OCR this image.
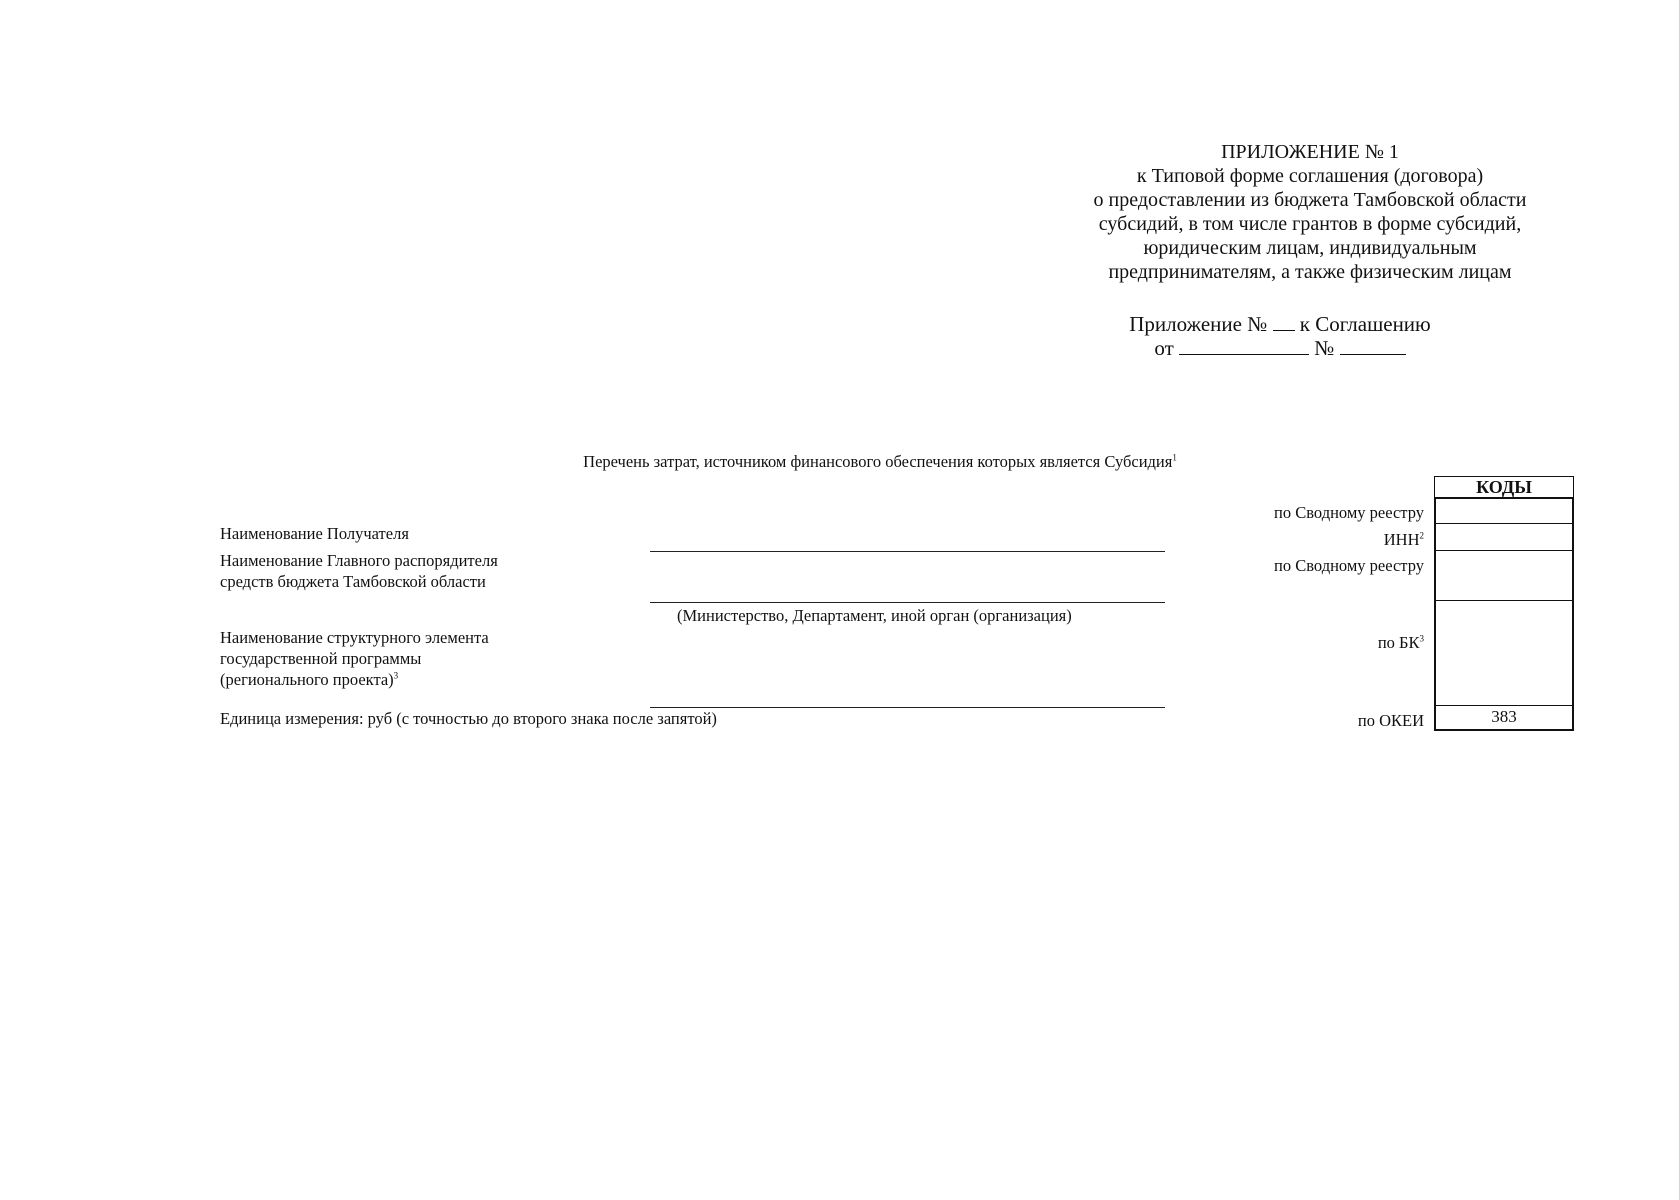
ПРИЛОЖЕНИЕ № 1
к Типовой форме соглашения (договора)
о предоставлении из бюджета Тамбовской области
субсидий, в том числе грантов в форме субсидий,
юридическим лицам, индивидуальным
предпринимателям, а также физическим лицам
Приложение № к Соглашению
от	№
Перечень затрат, источником финансового обеспечения которых является Субсидия$^1$
Наименование Получателя
Наименование Главного распорядителя
средств бюджета Тамбовской области
(Министерство, Департамент, иной орган (организация)
Наименование структурного элемента
государственной программы
(регионального проекта)$^3$
Единица измерения: руб (с точностью до второго знака после запятой)
по Сводному реестру
ИНН$^2$
по Сводному реестру
по $БК^3$
по ОКЕИ
КОДЫ
383
